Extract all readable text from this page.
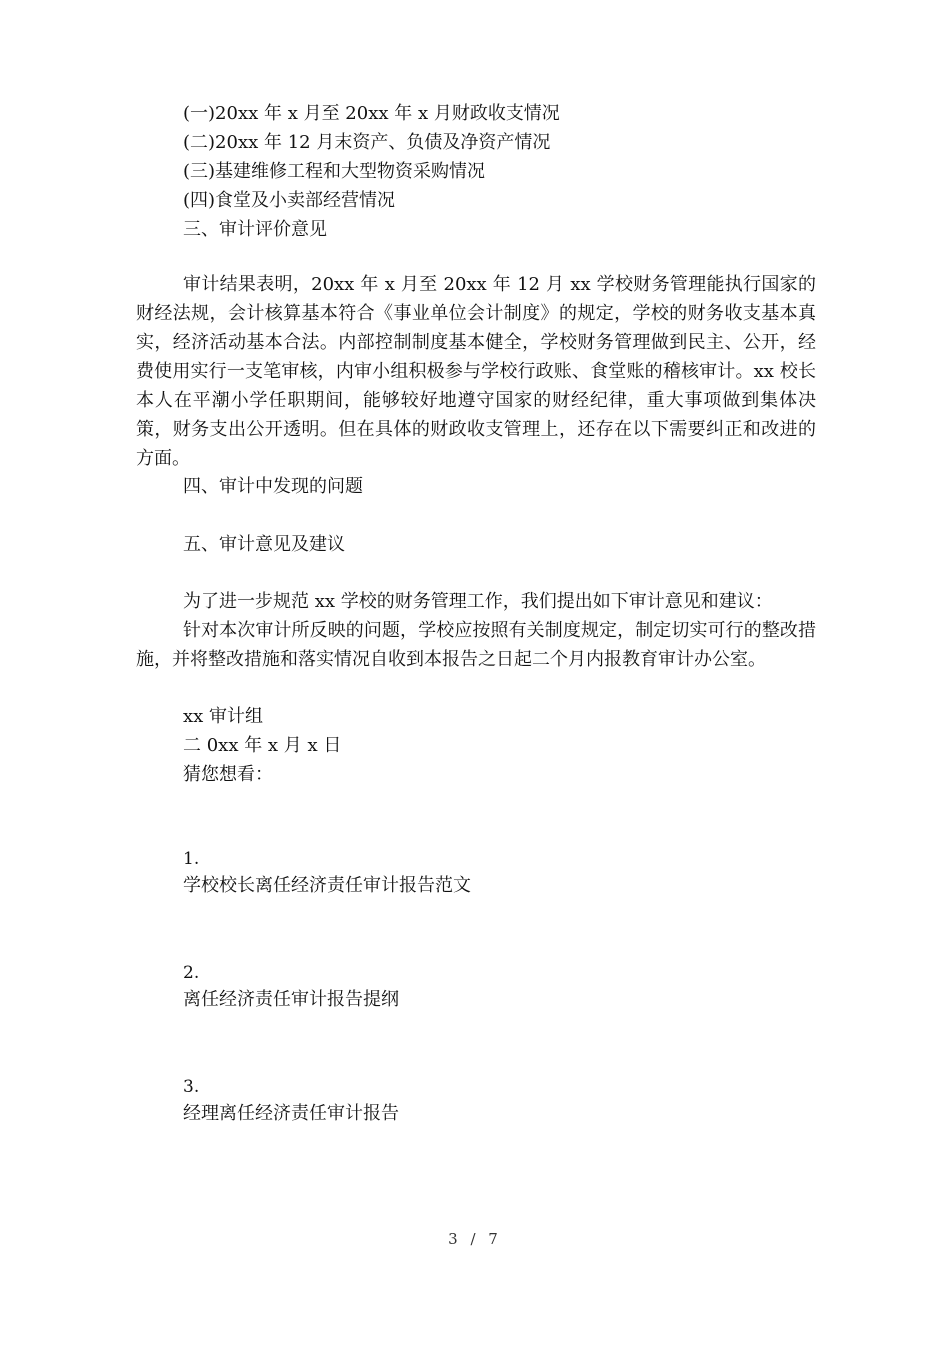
(一)20xx 年 x 月至 20xx 年 x 月财政收支情况

(二)20xx 年 12 月末资产、负债及净资产情况

(三)基建维修工程和大型物资采购情况

(四)食堂及小卖部经营情况

三、审计评价意见

审计结果表明，20xx 年 x 月至 20xx 年 12 月 xx 学校财务管理能执行国家的财经法规，会计核算基本符合《事业单位会计制度》的规定，学校的财务收支基本真实，经济活动基本合法。内部控制制度基本健全，学校财务管理做到民主、公开，经费使用实行一支笔审核，内审小组积极参与学校行政账、食堂账的稽核审计。xx 校长本人在平潮小学任职期间，能够较好地遵守国家的财经纪律，重大事项做到集体决策，财务支出公开透明。但在具体的财政收支管理上，还存在以下需要纠正和改进的方面。

四、审计中发现的问题

五、审计意见及建议

为了进一步规范 xx 学校的财务管理工作，我们提出如下审计意见和建议：

针对本次审计所反映的问题，学校应按照有关制度规定，制定切实可行的整改措施，并将整改措施和落实情况自收到本报告之日起二个月内报教育审计办公室。

xx 审计组

二 0xx 年 x 月 x 日

猜您想看：

1.

学校校长离任经济责任审计报告范文

2.

离任经济责任审计报告提纲

3.

经理离任经济责任审计报告

3 / 7
